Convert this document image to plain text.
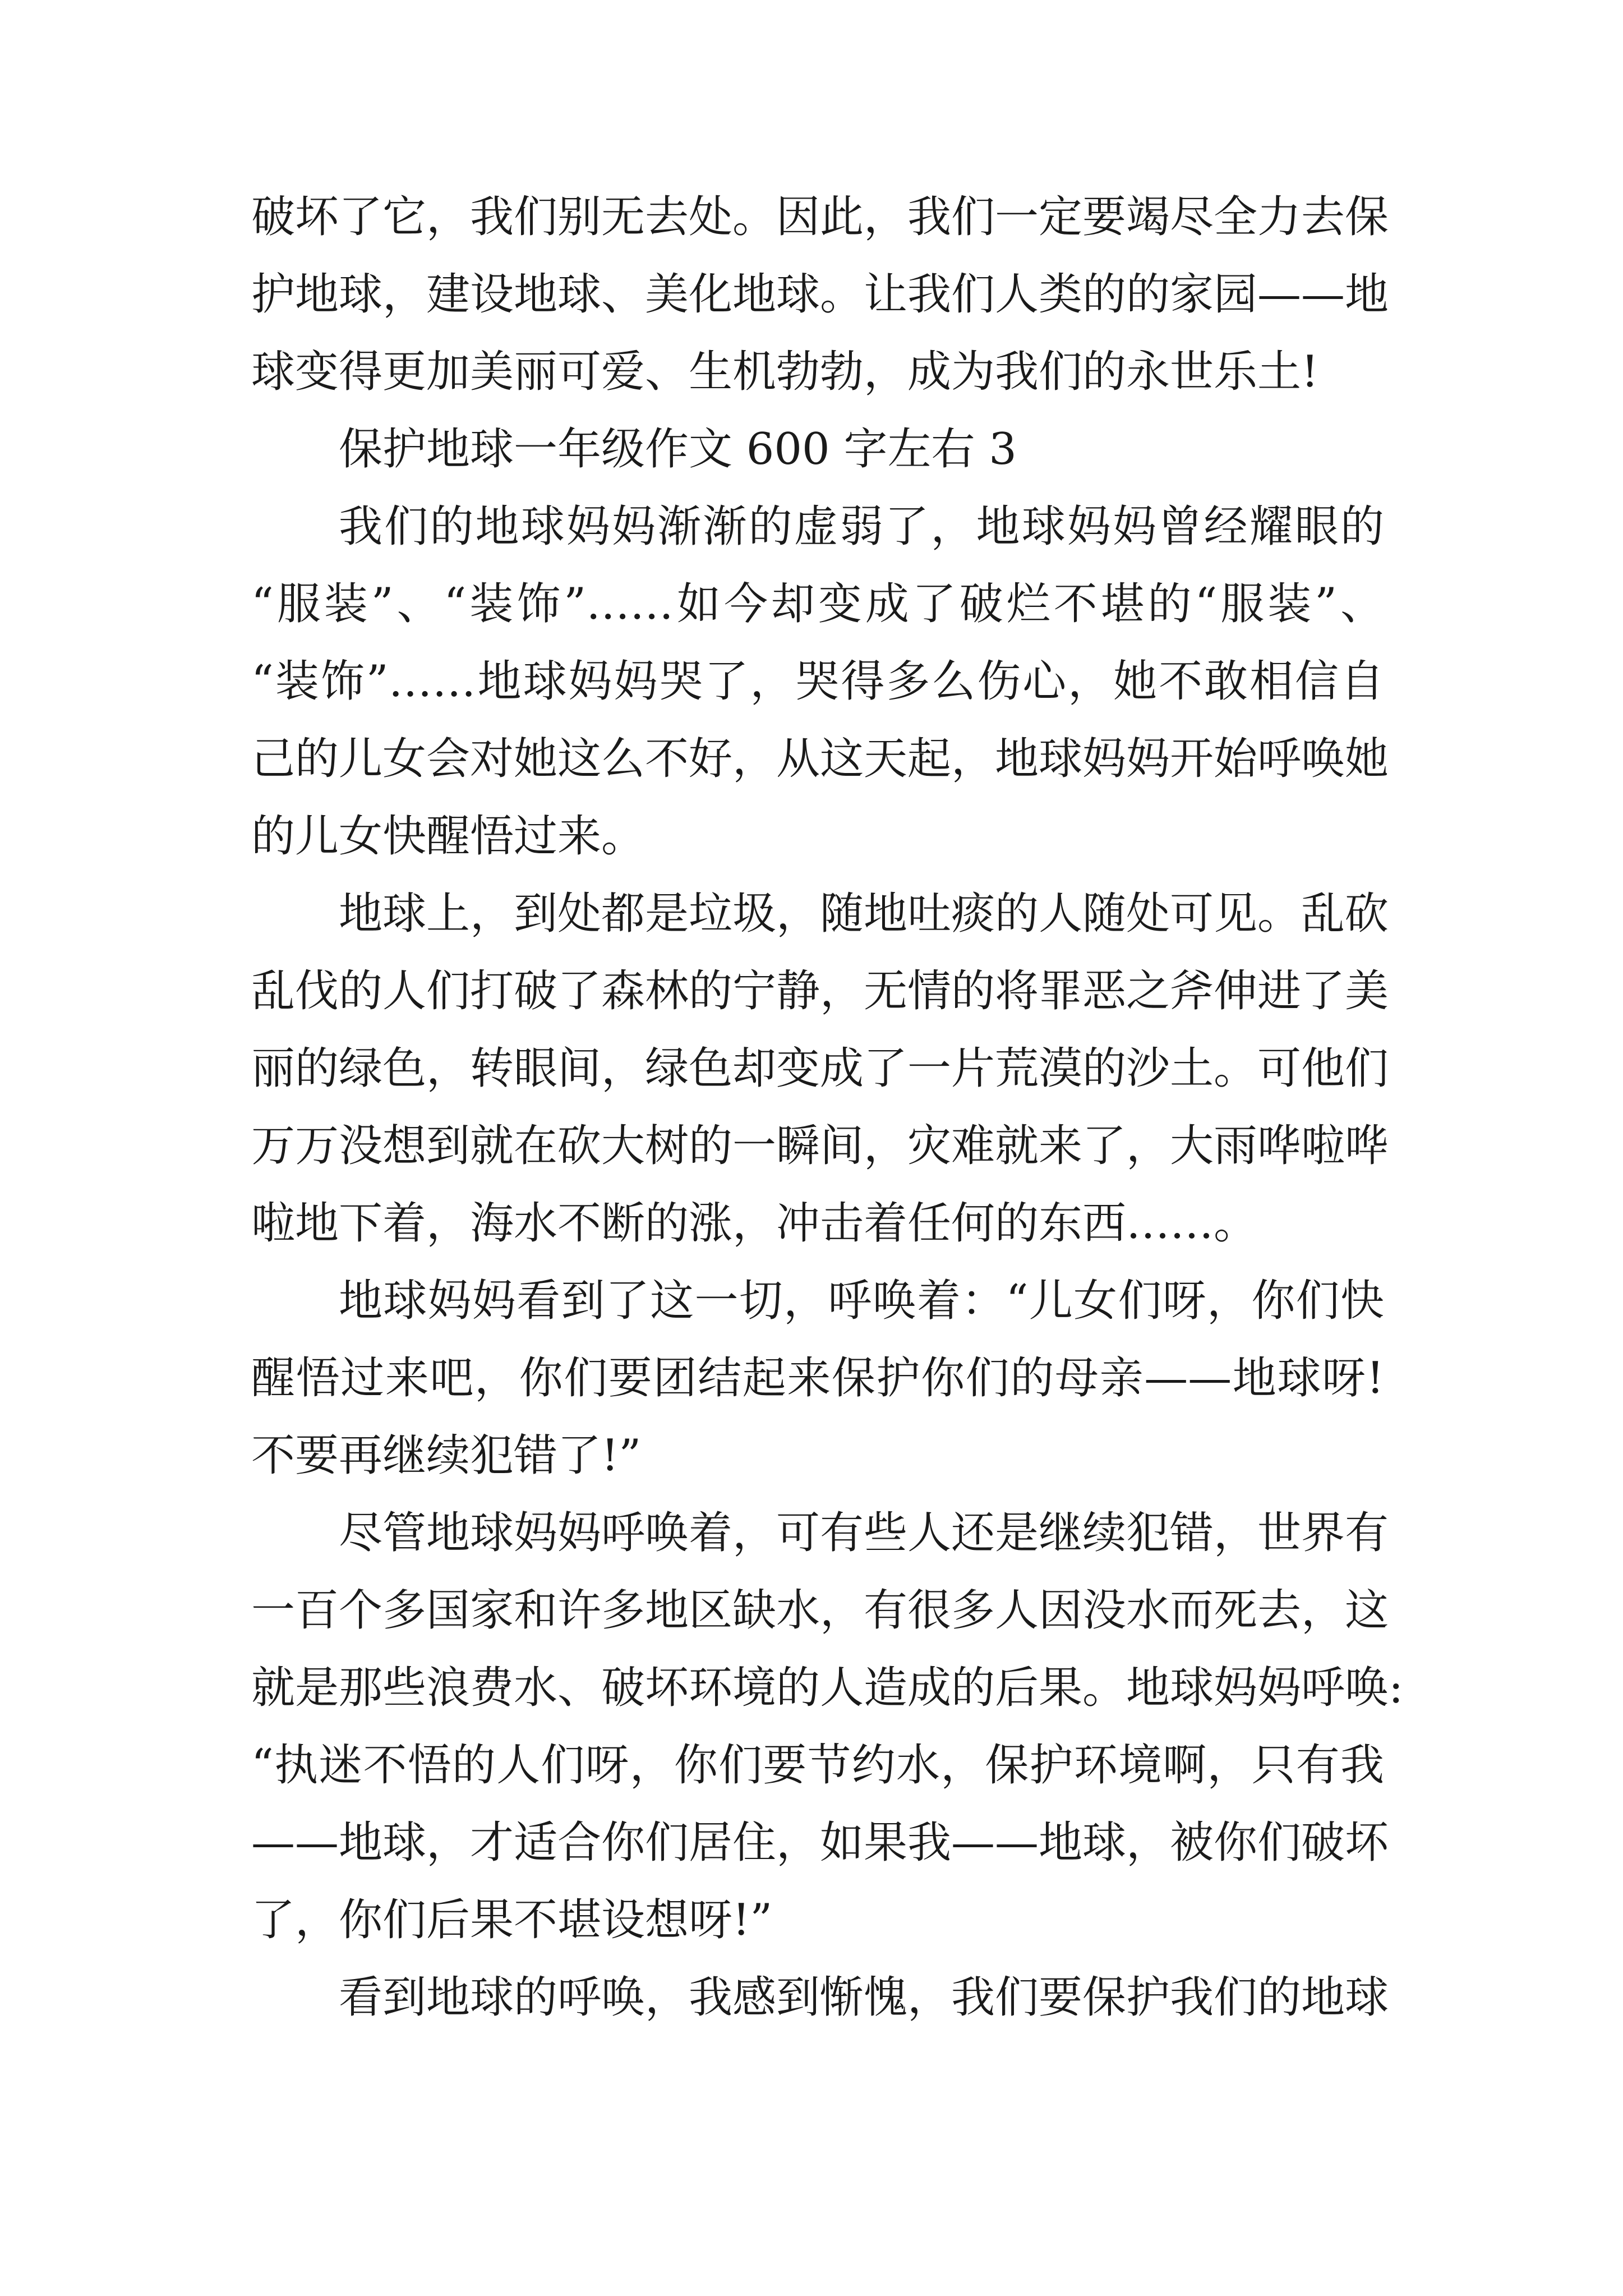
破坏了它，我们别无去处。因此，我们一定要竭尽全力去保
护地球，建设地球、美化地球。让我们人类的的家园——地
球变得更加美丽可爱、生机勃勃，成为我们的永世乐土!
保护地球一年级作文 600 字左右 3
我们的地球妈妈渐渐的虚弱了，地球妈妈曾经耀眼的
“服装”、“装饰”……如今却变成了破烂不堪的“服装”、
“装饰”……地球妈妈哭了，哭得多么伤心，她不敢相信自
己的儿女会对她这么不好，从这天起，地球妈妈开始呼唤她
的儿女快醒悟过来。
地球上，到处都是垃圾，随地吐痰的人随处可见。乱砍
乱伐的人们打破了森林的宁静，无情的将罪恶之斧伸进了美
丽的绿色，转眼间，绿色却变成了一片荒漠的沙土。可他们
万万没想到就在砍大树的一瞬间，灾难就来了，大雨哗啦哗
啦地下着，海水不断的涨，冲击着任何的东西……。
地球妈妈看到了这一切，呼唤着：“儿女们呀，你们快
醒悟过来吧，你们要团结起来保护你们的母亲——地球呀!
不要再继续犯错了!”
尽管地球妈妈呼唤着，可有些人还是继续犯错，世界有
一百个多国家和许多地区缺水，有很多人因没水而死去，这
就是那些浪费水、破坏环境的人造成的后果。地球妈妈呼唤:
“执迷不悟的人们呀，你们要节约水，保护环境啊，只有我
——地球，才适合你们居住，如果我——地球，被你们破坏
了，你们后果不堪设想呀!”
看到地球的呼唤，我感到惭愧，我们要保护我们的地球
